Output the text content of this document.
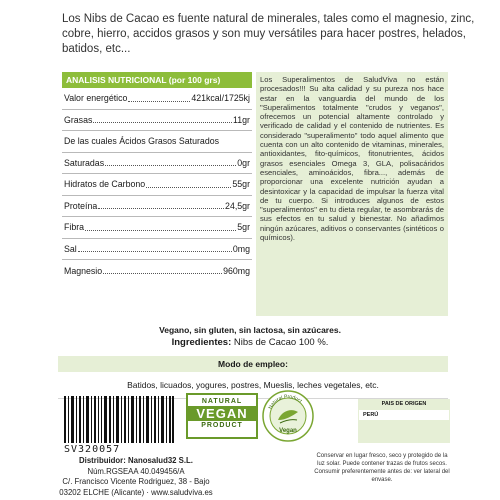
Los Nibs de Cacao es fuente natural de minerales, tales como el magnesio, zinc, cobre, hierro, accidos grasos y son muy versátiles para hacer postres, helados, batidos, etc...
ANALISIS NUTRICIONAL (por 100 grs)
Valor energético	421kcal/1725kj
Grasas	11gr
De las cuales Ácidos Grasos Saturados
Saturadas	0gr
Hidratos de Carbono	55gr
Proteína	24,5gr
Fibra	5gr
Sal	0mg
Magnesio	960mg
Los Superalimentos de SaludViva no están procesados!!! Su alta calidad y su pureza nos hace estar en la vanguardia del mundo de los "Superalimentos totalmente "crudos y veganos", ofrecemos un potencial altamente controlado y verificado de calidad y el contenido de nutrientes. Es considerado "superalimento" todo aquel alimento que cuenta con un alto contenido de vitaminas, minerales, antioxidantes, fito-químicos, fitonutrientes, ácidos grasos esenciales Omega 3, GLA, polisacáridos esenciales, aminoácidos, fibra..., además de proporcionar una excelente nutrición ayudan a desintoxicar y la capacidad de impulsar la fuerza vital de tu cuerpo. Si introduces algunos de estos "superalimentos" en tu dieta regular, te asombrarás de sus efectos en tu salud y bienestar. No añadimos ningún azúcares, aditivos o conservantes (sintéticos o químicos).
Vegano, sin gluten, sin lactosa, sin azúcares.
Ingredientes: Nibs de Cacao 100 %.
Modo de empleo:
Batidos, licuados, yogures, postres, Mueslis, leches vegetales, etc.
SV320057
Distribuidor: Nanosalud32 S.L.
Núm.RGSEAA 40.049456/A
C/. Francisco Vicente Rodriguez, 38 - Bajo
03202 ELCHE (Alicante) · www.saludviva.es
NATURAL
VEGAN
PRODUCT
Natural Product
Vegan
PAIS DE ORIGEN
PERÚ
Conservar en lugar fresco, seco y protegido de la luz solar. Puede contener trazas de frutos secos. Consumir preferentemente antes de: ver lateral del envase.
